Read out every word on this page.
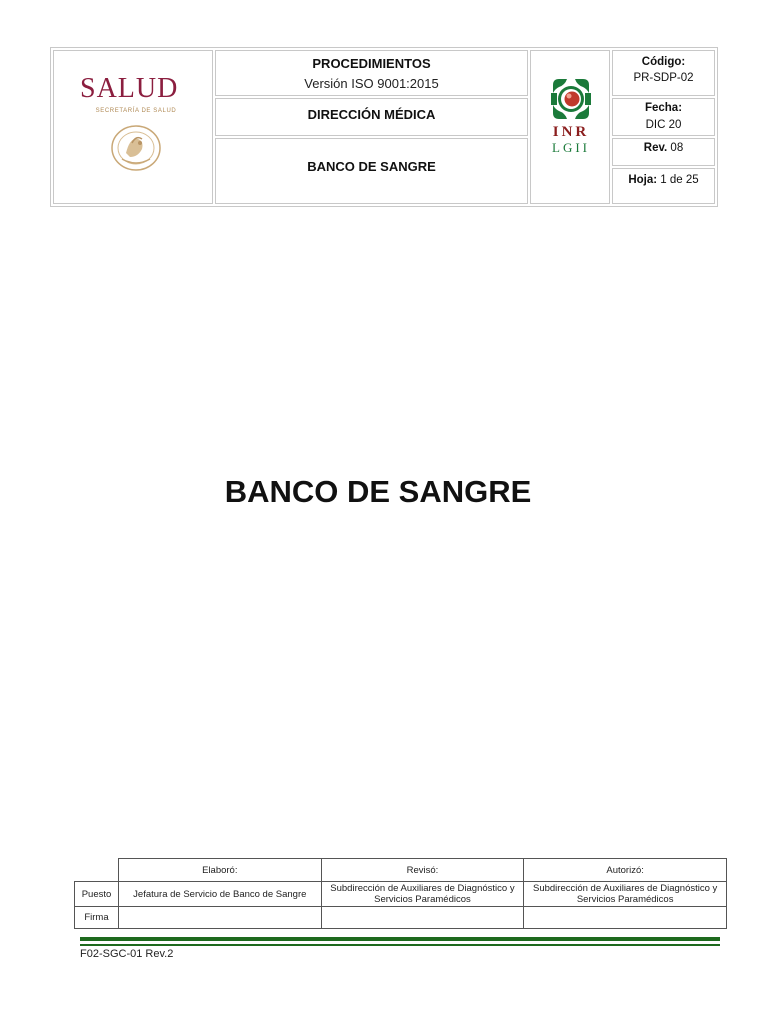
SALUD
SECRETARÍA DE SALUD
PROCEDIMIENTOS
Versión ISO 9001:2015
DIRECCIÓN MÉDICA
BANCO DE SANGRE
INR
LGII
Código:
PR-SDP-02
Fecha:
DIC 20
Rev. 08
Hoja: 1 de 25
BANCO DE SANGRE
	Elaboró:	Revisó:	Autorizó:
Puesto	Jefatura de Servicio de Banco de Sangre	Subdirección de Auxiliares de Diagnóstico y Servicios Paramédicos	Subdirección de Auxiliares de Diagnóstico y Servicios Paramédicos
Firma			
F02-SGC-01 Rev.2
